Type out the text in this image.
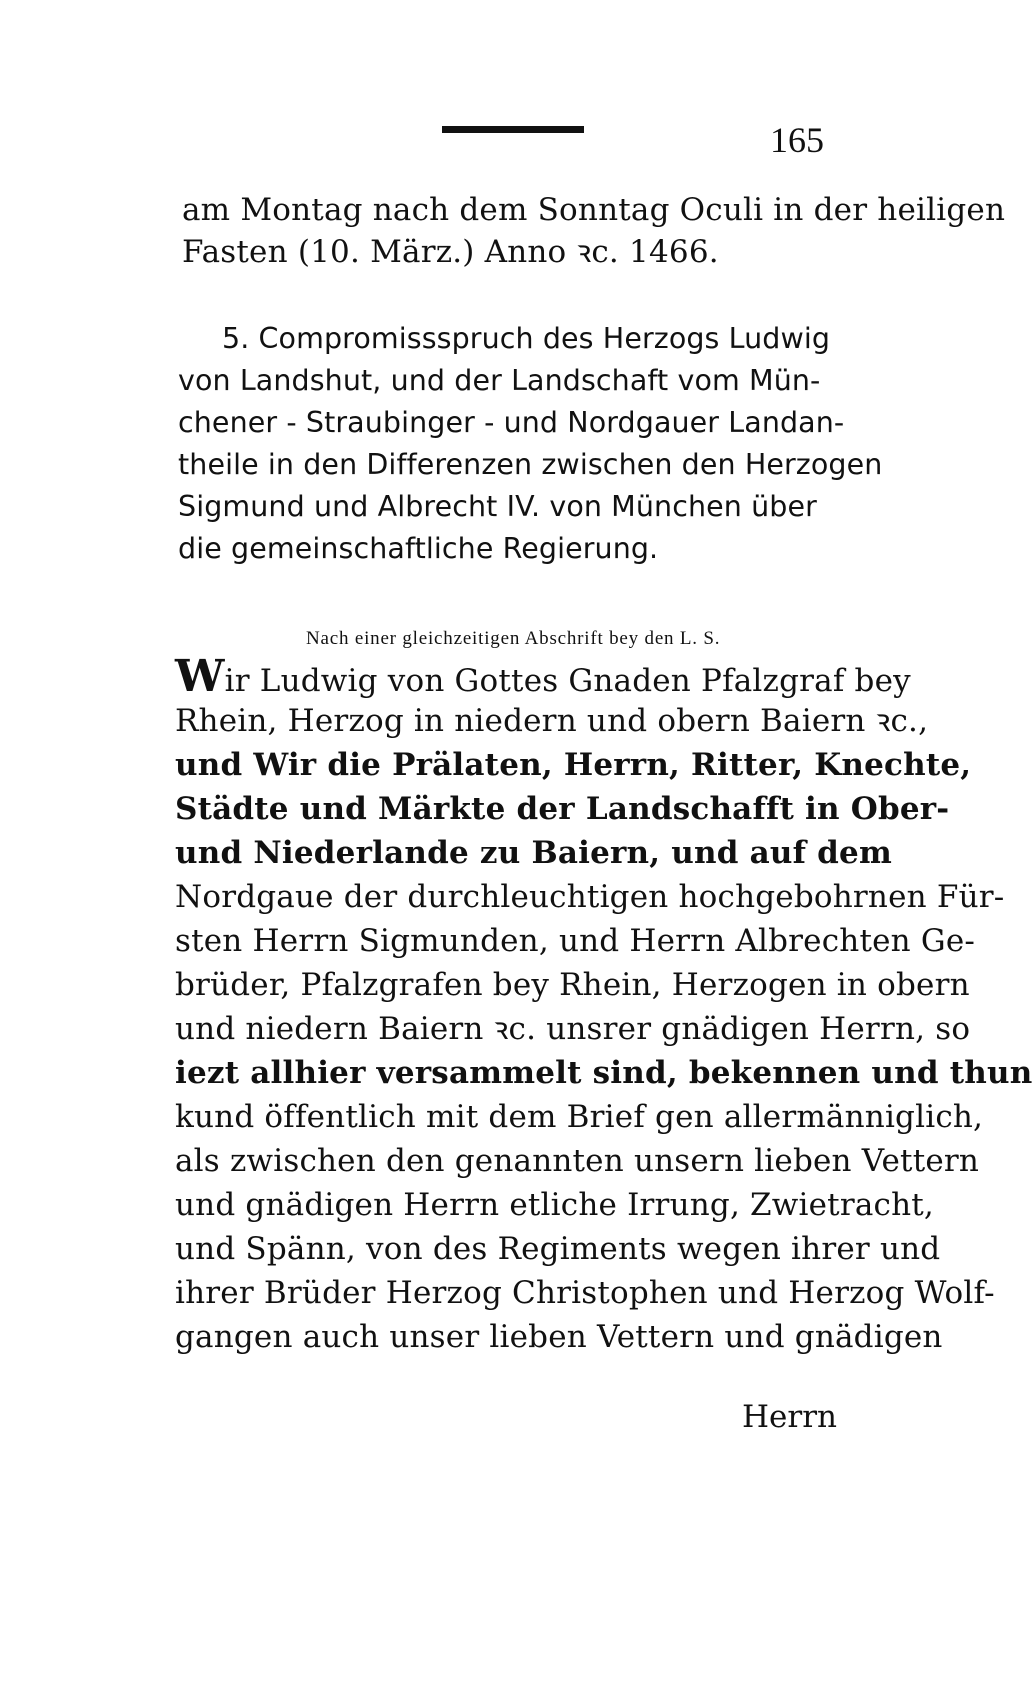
165
am Montag nach dem Sonntag Oculi in der heiligen
Fasten (10. März.) Anno ꝛc. 1466.
5. Compromissspruch des Herzogs Ludwig
von Landshut, und der Landschaft vom Mün-
chener - Straubinger - und Nordgauer Landan-
theile in den Differenzen zwischen den Herzogen
Sigmund und Albrecht IV. von München über
die gemeinschaftliche Regierung.
Nach einer gleichzeitigen Abschrift bey den L. S.
Wir Ludwig von Gottes Gnaden Pfalzgraf bey
Rhein, Herzog in niedern und obern Baiern ꝛc.,
und Wir die Prälaten, Herrn, Ritter, Knechte,
Städte und Märkte der Landschafft in Ober-
und Niederlande zu Baiern, und auf dem
Nordgaue der durchleuchtigen hochgebohrnen Für-
sten Herrn Sigmunden, und Herrn Albrechten Ge-
brüder, Pfalzgrafen bey Rhein, Herzogen in obern
und niedern Baiern ꝛc. unsrer gnädigen Herrn, so
iezt allhier versammelt sind, bekennen und thun
kund öffentlich mit dem Brief gen allermänniglich,
als zwischen den genannten unsern lieben Vettern
und gnädigen Herrn etliche Irrung, Zwietracht,
und Spänn, von des Regiments wegen ihrer und
ihrer Brüder Herzog Christophen und Herzog Wolf-
gangen auch unser lieben Vettern und gnädigen
Herrn
